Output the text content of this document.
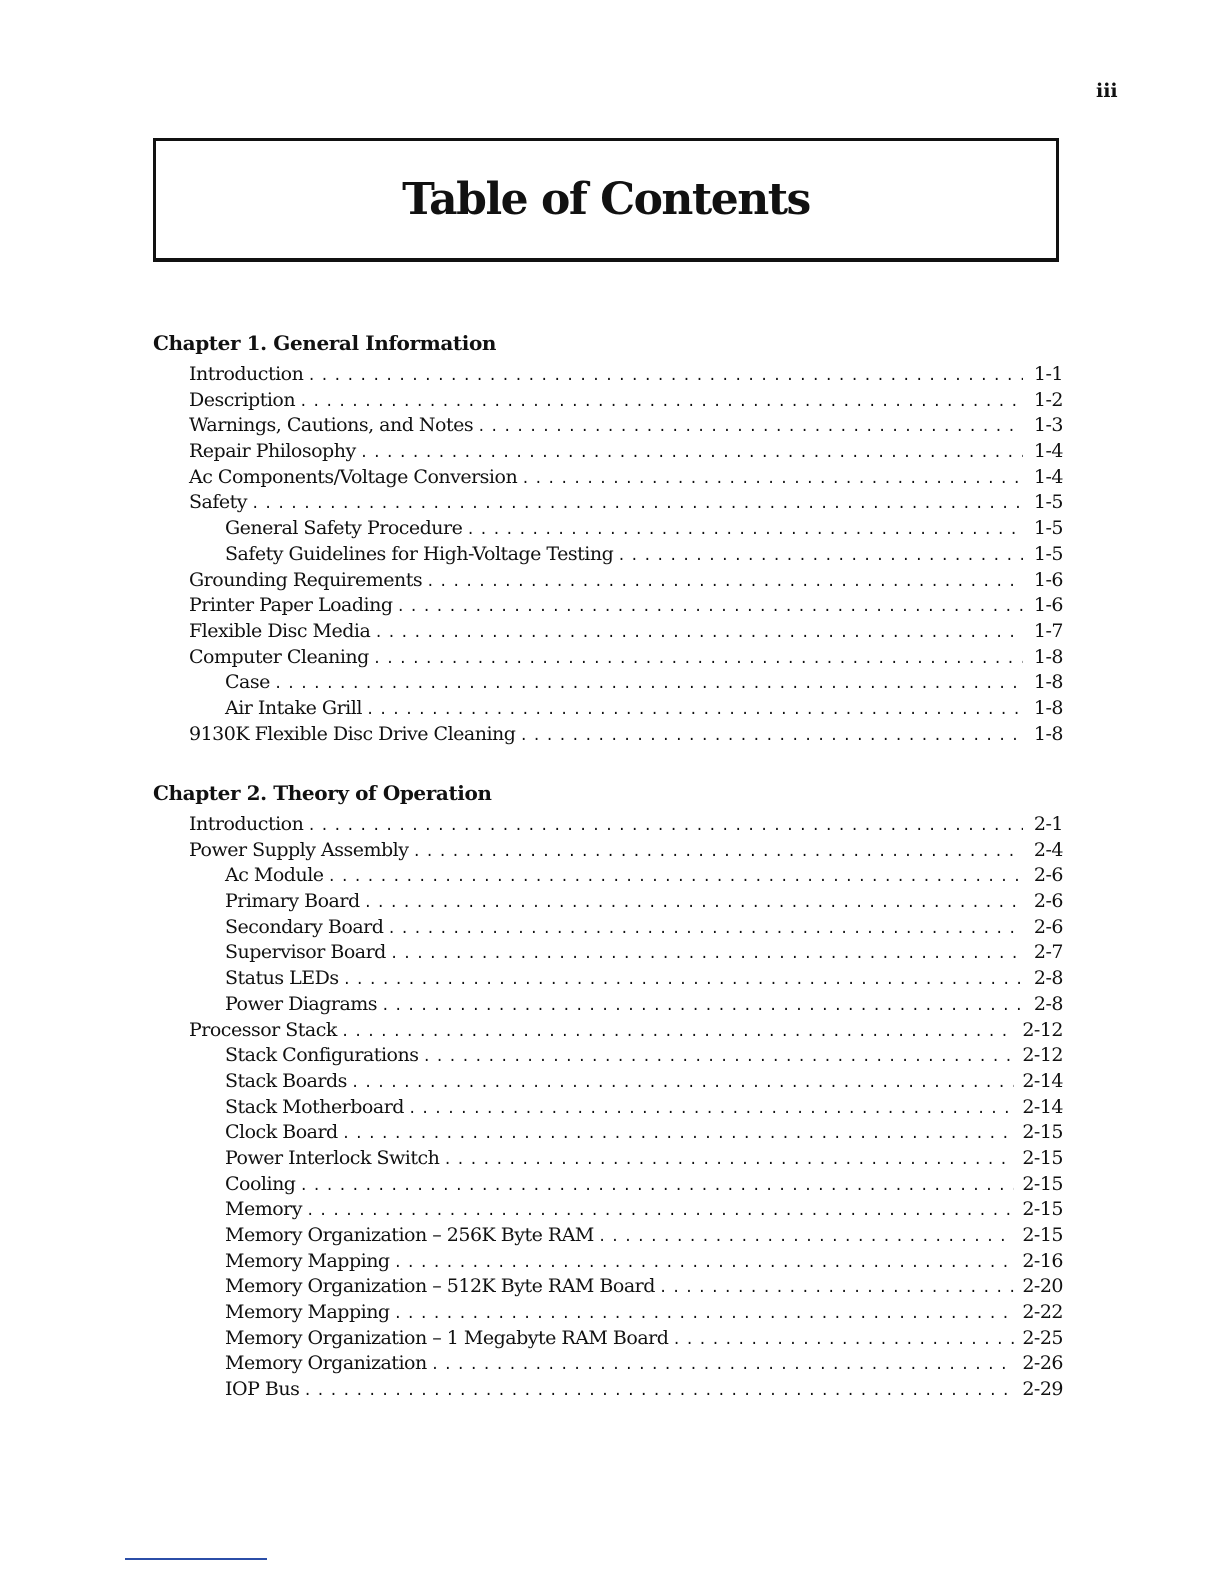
iii
Table of Contents
Chapter 1. General Information
Introduction .....	1-1
Description .....	1-2
Warnings, Cautions, and Notes .....	1-3
Repair Philosophy .....	1-4
Ac Components/Voltage Conversion .....	1-4
Safety .....	1-5
General Safety Procedure .....	1-5
Safety Guidelines for High-Voltage Testing .....	1-5
Grounding Requirements .....	1-6
Printer Paper Loading .....	1-6
Flexible Disc Media .....	1-7
Computer Cleaning .....	1-8
Case .....	1-8
Air Intake Grill .....	1-8
9130K Flexible Disc Drive Cleaning .....	1-8
Chapter 2. Theory of Operation
Introduction .....	2-1
Power Supply Assembly .....	2-4
Ac Module .....	2-6
Primary Board .....	2-6
Secondary Board .....	2-6
Supervisor Board .....	2-7
Status LEDs .....	2-8
Power Diagrams .....	2-8
Processor Stack .....	2-12
Stack Configurations .....	2-12
Stack Boards .....	2-14
Stack Motherboard .....	2-14
Clock Board .....	2-15
Power Interlock Switch .....	2-15
Cooling .....	2-15
Memory .....	2-15
Memory Organization – 256K Byte RAM .....	2-15
Memory Mapping .....	2-16
Memory Organization – 512K Byte RAM Board .....	2-20
Memory Mapping .....	2-22
Memory Organization – 1 Megabyte RAM Board .....	2-25
Memory Organization .....	2-26
IOP Bus .....	2-29
